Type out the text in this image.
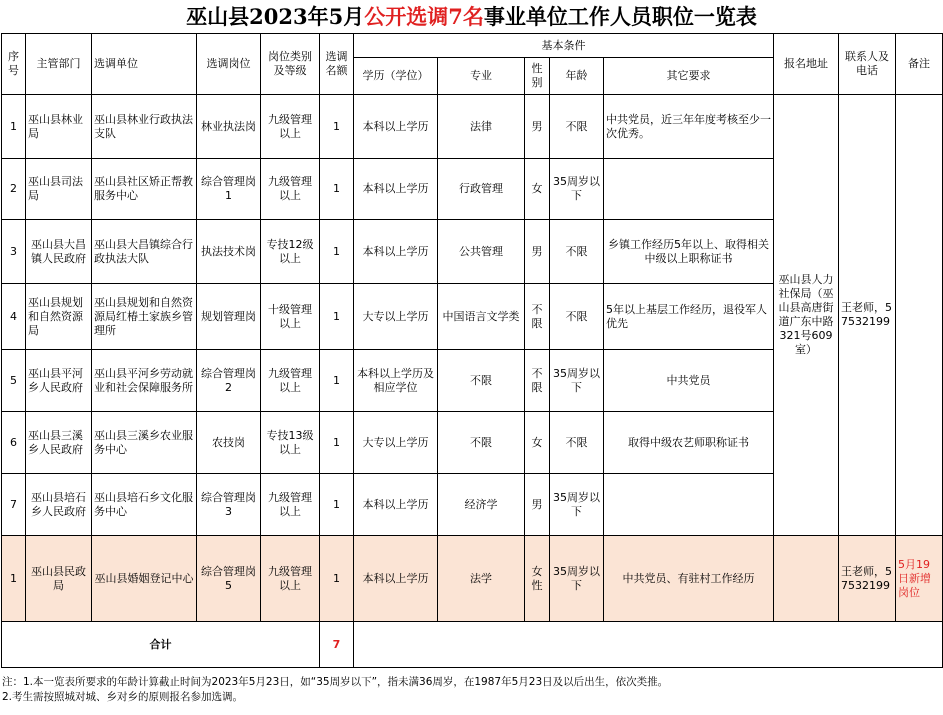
巫山县2023年5月公开选调7名事业单位工作人员职位一览表
序号	主管部门	选调单位	选调岗位	岗位类别及等级	选调名额	基本条件					报名地址	联系人及电话	备注
						学历（学位）	专业	性别	年龄	其它要求			
1	巫山县林业局	巫山县林业行政执法支队	林业执法岗	九级管理以上	1	本科以上学历	法律	男	不限	中共党员，近三年年度考核至少一次优秀。	巫山县人力社保局（巫山县高唐街道广东中路321号609室）	王老师，57532199	
2	巫山县司法局	巫山县社区矫正帮教服务中心	综合管理岗1	九级管理以上	1	本科以上学历	行政管理	女	35周岁以下				
3	巫山县大昌镇人民政府	巫山县大昌镇综合行政执法大队	执法技术岗	专技12级以上	1	本科以上学历	公共管理	男	不限	乡镇工作经历5年以上、取得相关中级以上职称证书			
4	巫山县规划和自然资源局	巫山县规划和自然资源局红椿土家族乡管理所	规划管理岗	十级管理以上	1	大专以上学历	中国语言文学类	不限	不限	5年以上基层工作经历，退役军人优先			
5	巫山县平河乡人民政府	巫山县平河乡劳动就业和社会保障服务所	综合管理岗2	九级管理以上	1	本科以上学历及相应学位	不限	不限	35周岁以下	中共党员			
6	巫山县三溪乡人民政府	巫山县三溪乡农业服务中心	农技岗	专技13级以上	1	大专以上学历	不限	女	不限	取得中级农艺师职称证书			
7	巫山县培石乡人民政府	巫山县培石乡文化服务中心	综合管理岗3	九级管理以上	1	本科以上学历	经济学	男	35周岁以下				
1	巫山县民政局	巫山县婚姻登记中心	综合管理岗5	九级管理以上	1	本科以上学历	法学	女性	35周岁以下	中共党员、有驻村工作经历		王老师，57532199	5月19日新增岗位
合计					7								
注：1.本一览表所要求的年龄计算截止时间为2023年5月23日，如“35周岁以下”，指未满36周岁，在1987年5月23日及以后出生，依次类推。
2.考生需按照城对城、乡对乡的原则报名参加选调。
